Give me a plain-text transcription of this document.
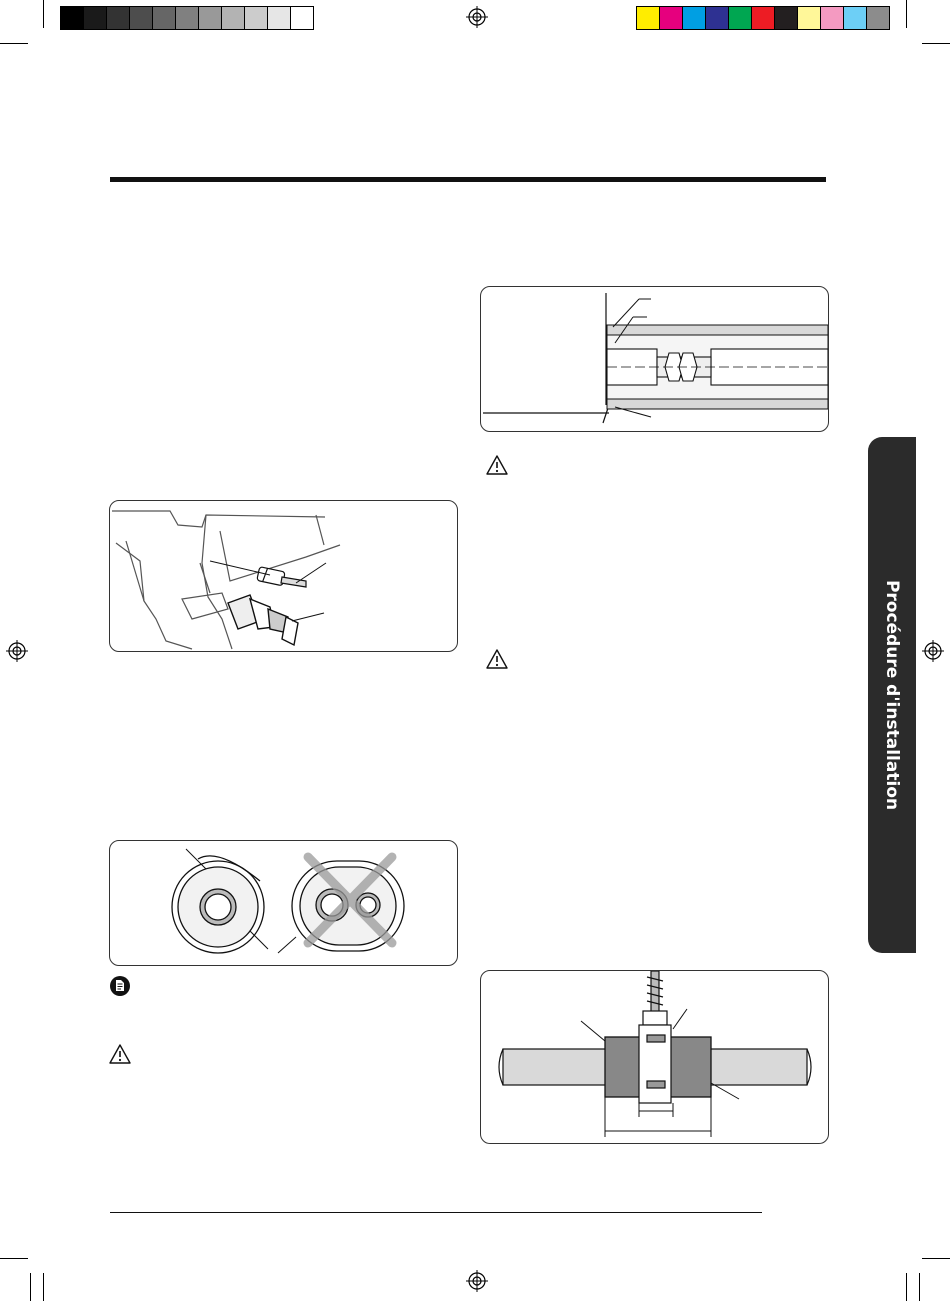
Procédure d'installation
